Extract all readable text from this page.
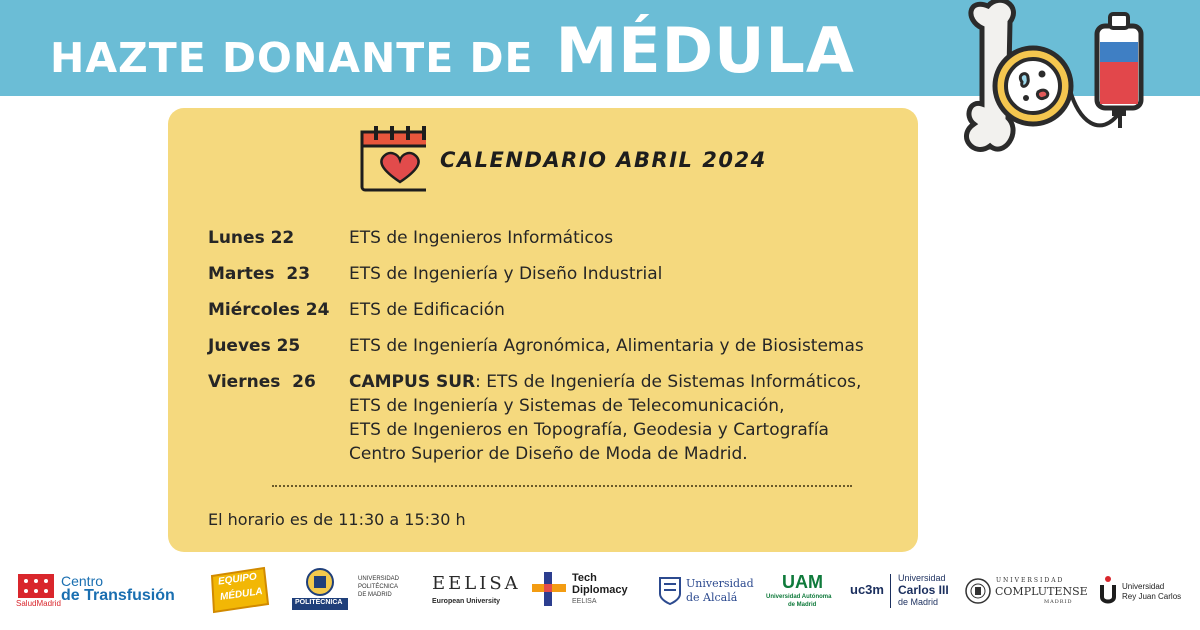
HAZTE DONANTE DE MÉDULA
CALENDARIO ABRIL 2024
Lunes 22	ETS de Ingenieros Informáticos
Martes  23	ETS de Ingeniería y Diseño Industrial
Miércoles 24	ETS de Edificación
Jueves 25	ETS de Ingeniería Agronómica, Alimentaria y de Biosistemas
Viernes  26	CAMPUS SUR: ETS de Ingeniería de Sistemas Informáticos,
ETS de Ingeniería y Sistemas de Telecomunicación,
ETS de Ingenieros en Topografía, Geodesia y Cartografía
Centro Superior de Diseño de Moda de Madrid.
El horario es de 11:30 a 15:30 h
SaludMadrid
Centro
de Transfusión
EQUIPO
MÉDULA	POLITÉCNICA
UNIVERSIDAD
POLITÉCNICA
DE MADRID
EELISA
European University
Tech
Diplomacy
EELISA
Universidad
de Alcalá
UAM
Universidad Autónoma
de Madrid
uc3m
Universidad
Carlos III
de Madrid
UNIVERSIDAD
COMPLUTENSE
MADRID
Universidad
Rey Juan Carlos
